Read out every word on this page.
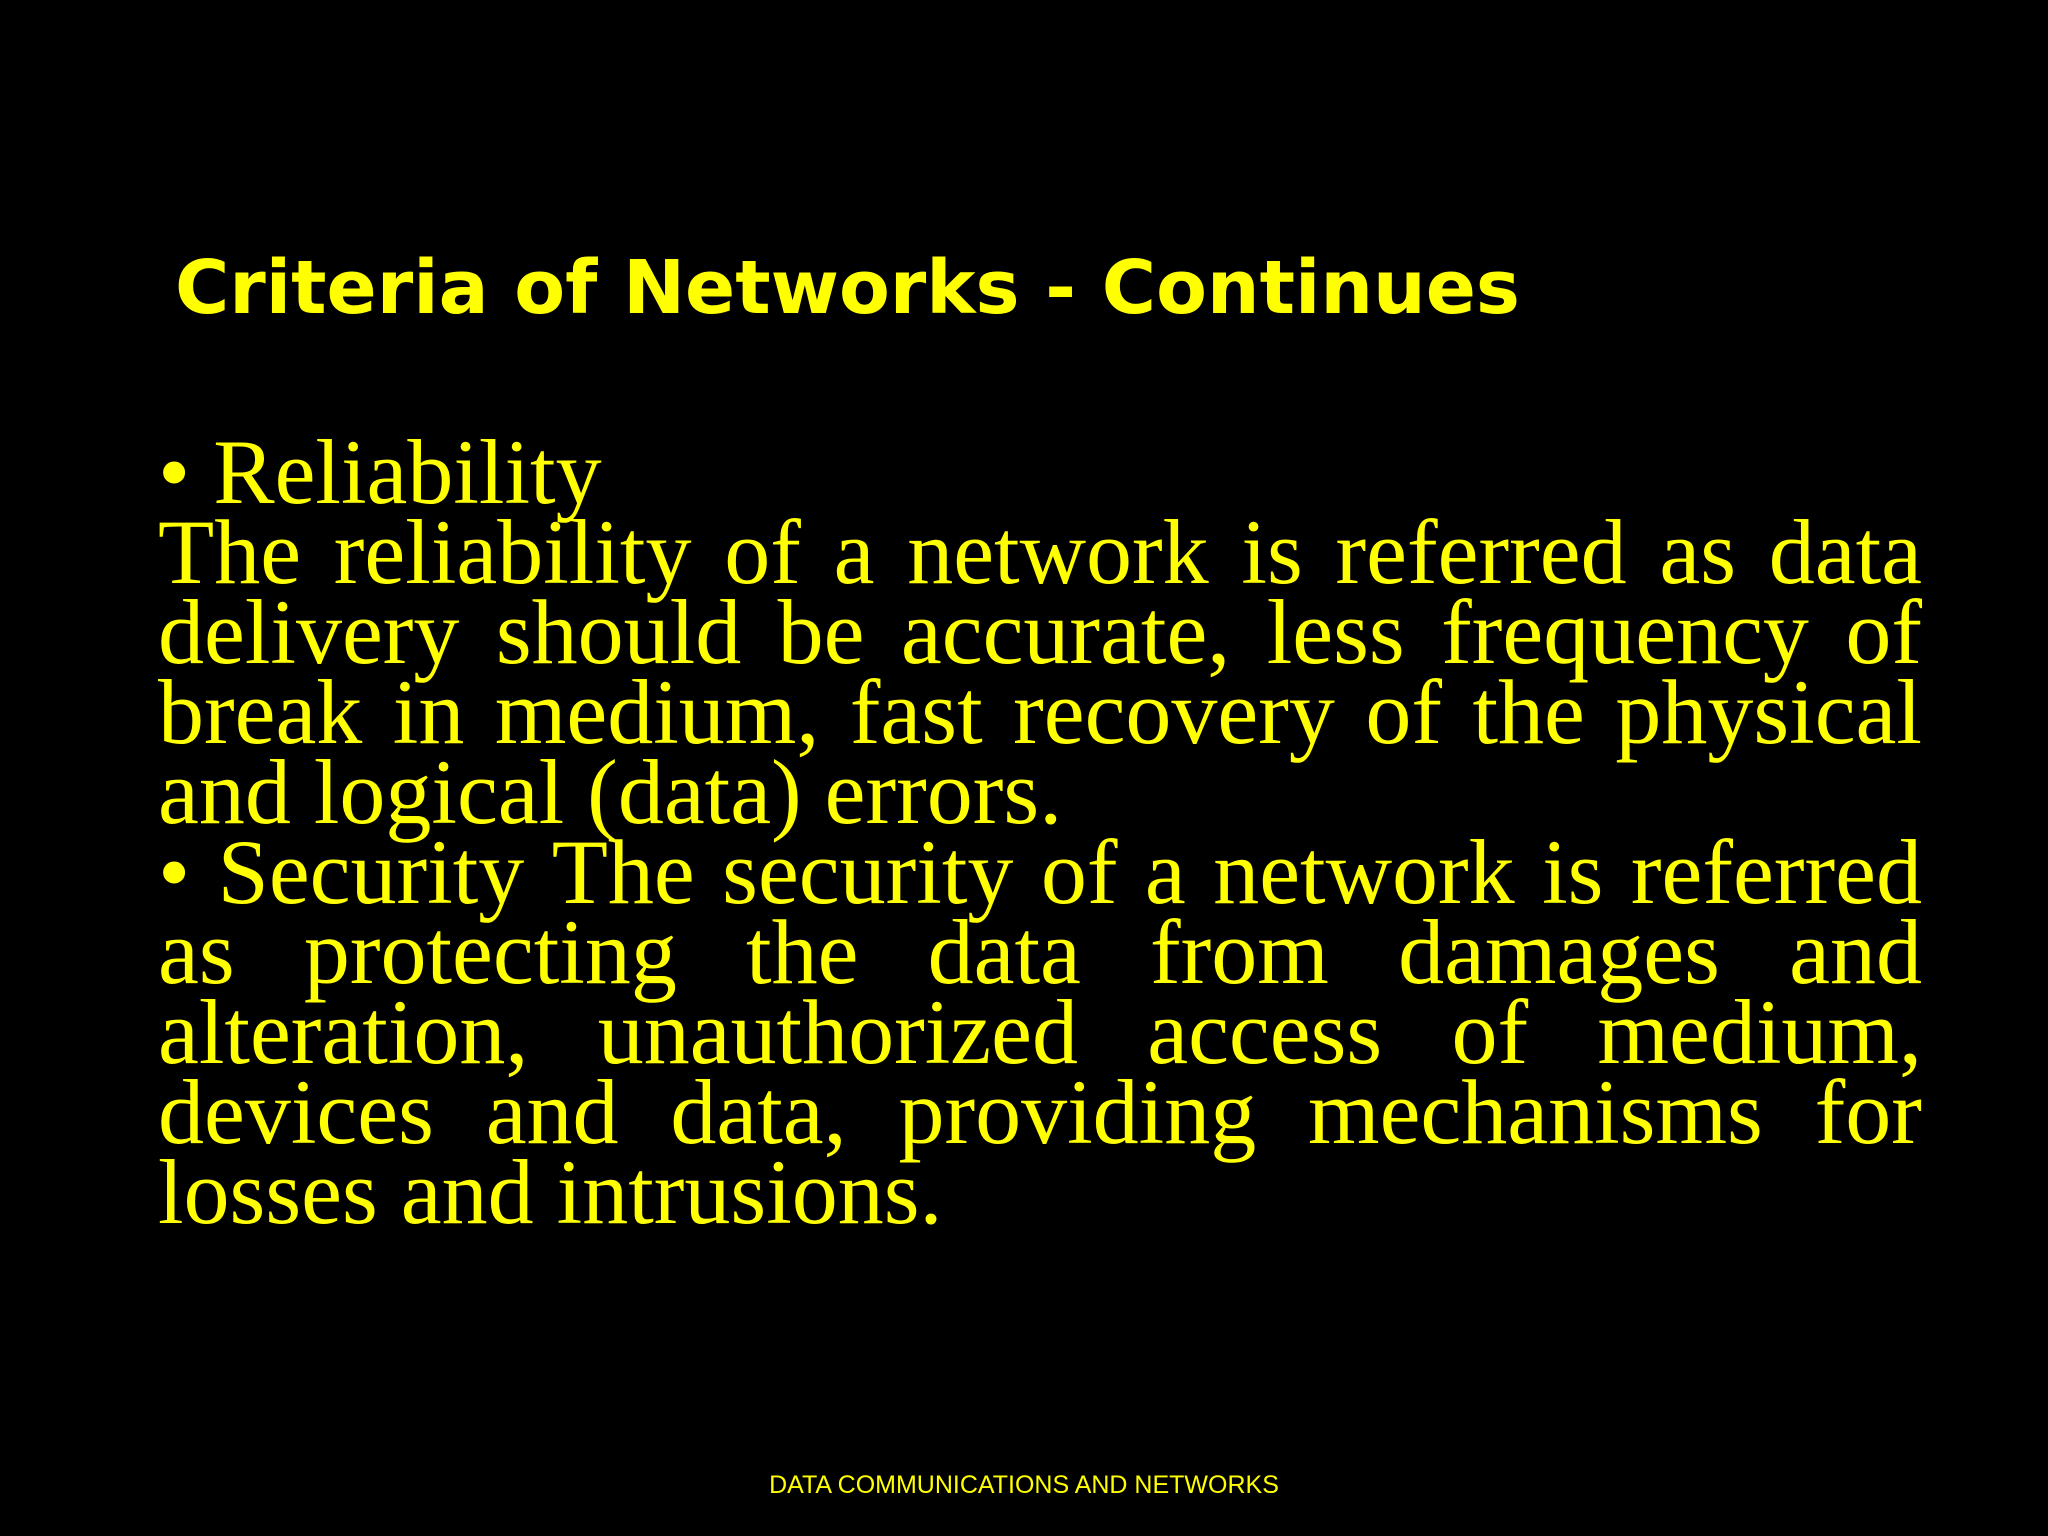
Criteria of Networks - Continues
• Reliability
The reliability of a network is referred as data
delivery should be accurate, less frequency of
break in medium, fast recovery of the physical
and logical (data) errors.
• Security The security of a network is referred
as protecting the data from damages and
alteration, unauthorized access of medium,
devices and data, providing mechanisms for
losses and intrusions.
DATA COMMUNICATIONS AND NETWORKS
